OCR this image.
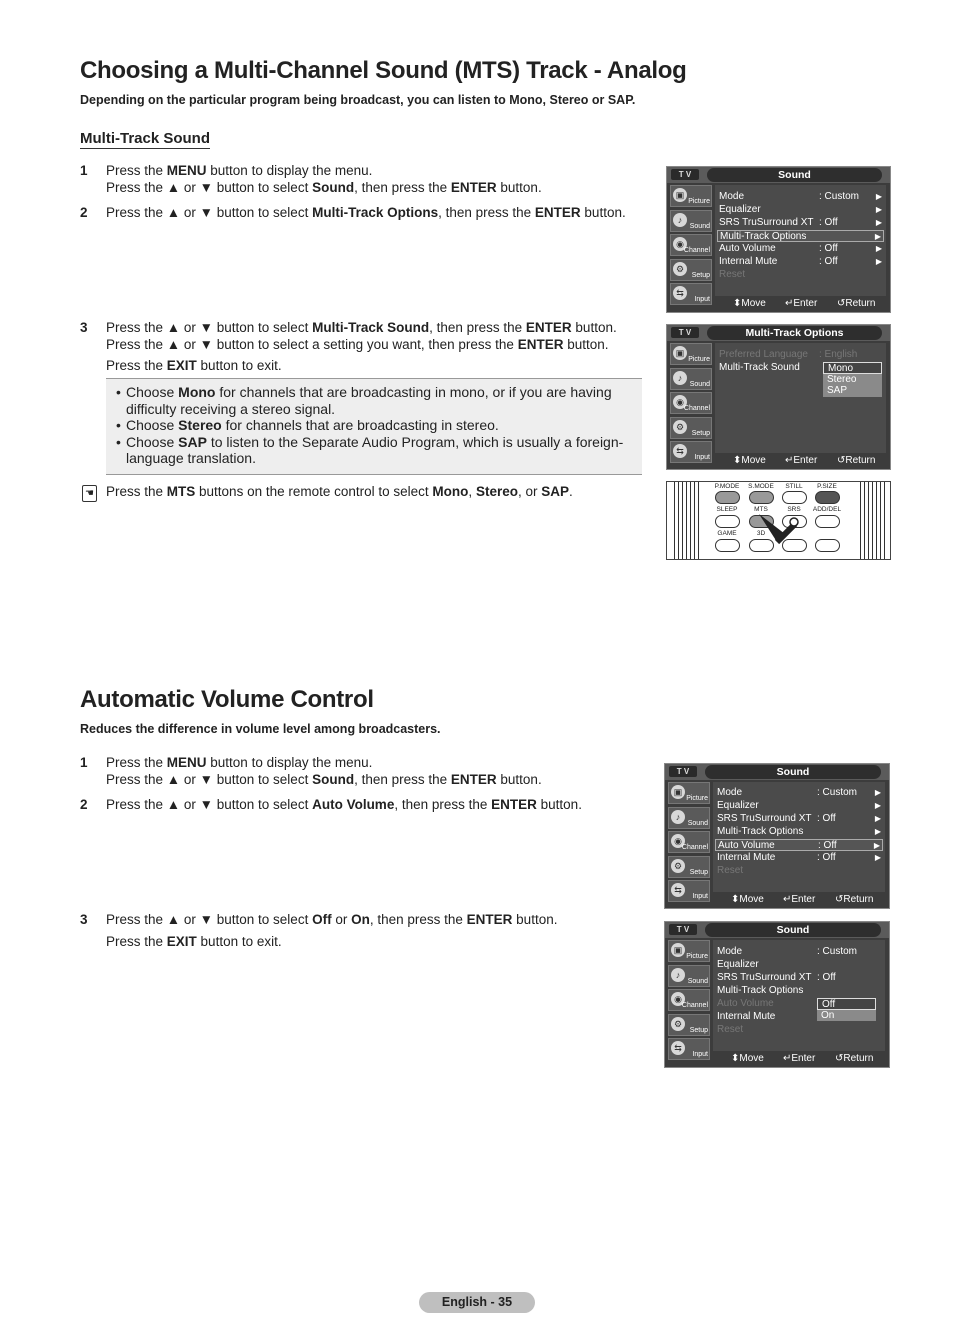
Choosing a Multi-Channel Sound (MTS) Track - Analog
Depending on the particular program being broadcast, you can listen to Mono, Stereo or SAP.
Multi-Track Sound
1 Press the MENU button to display the menu.
Press the ▲ or ▼ button to select Sound, then press the ENTER button.
2 Press the ▲ or ▼ button to select Multi-Track Options, then press the ENTER button.
3 Press the ▲ or ▼ button to select Multi-Track Sound, then press the ENTER button.
Press the ▲ or ▼ button to select a setting you want, then press the ENTER button.
Press the EXIT button to exit.
• Choose Mono for channels that are broadcasting in mono, or if you are having
difficulty receiving a stereo signal.
• Choose Stereo for channels that are broadcasting in stereo.
• Choose SAP to listen to the Separate Audio Program, which is usually a foreign-
language translation.
☚ Press the MTS buttons on the remote control to select Mono, Stereo, or SAP.
T V	Sound
▣
Picture
♪
Sound
◉
Channel
⚙
Setup
⇆
Input
Mode	: Custom ▶
Equalizer	▶
SRS TruSurround XT : Off	▶
Multi-Track Options	▶
Auto Volume	: Off	▶
Internal Mute	: Off	▶
Reset
⬍ Move ↵ Enter ↺ Return
T V	Multi-Track Options
▣
Picture
♪
Sound
◉
Channel
⚙
Setup
⇆
Input
Preferred Language : English
Multi-Track Sound	Mono
Stereo
SAP
⬍ Move ↵ Enter ↺ Return
P.MODE	S.MODE	STILL	P.SIZE
SLEEP	MTS	SRS	ADD/DEL
GAME	3D
Automatic Volume Control
Reduces the difference in volume level among broadcasters.
1 Press the MENU button to display the menu.
Press the ▲ or ▼ button to select Sound, then press the ENTER button.
2 Press the ▲ or ▼ button to select Auto Volume, then press the ENTER button.
3 Press the ▲ or ▼ button to select Off or On, then press the ENTER button.
Press the EXIT button to exit.
T V	Sound
▣
Picture
♪
Sound
◉
Channel
⚙
Setup
⇆
Input
Mode	: Custom ▶
Equalizer	▶
SRS TruSurround XT : Off	▶
Multi-Track Options	▶
Auto Volume	: Off	▶
Internal Mute	: Off	▶
Reset
⬍ Move ↵ Enter ↺ Return
T V	Sound
▣
Picture
♪
Sound
◉
Channel
⚙
Setup
⇆
Input
Mode	: Custom
Equalizer
SRS TruSurround XT : Off
Multi-Track Options
Auto Volume
Internal Mute
Reset
Off
On
⬍ Move ↵ Enter ↺ Return
English - 35
